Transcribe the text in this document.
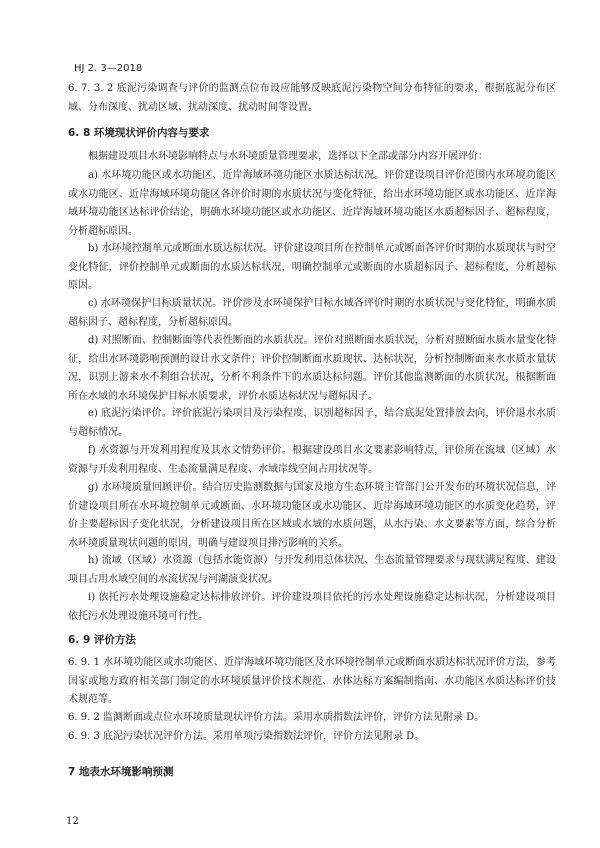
HJ 2. 3—2018
6. 7. 3. 2 底泥污染调查与评价的监测点位布设应能够反映底泥污染物空间分布特征的要求，根据底泥分布区域、分布深度、扰动区域、扰动深度、扰动时间等设置。
6. 8 环境现状评价内容与要求
根据建设项目水环境影响特点与水环境质量管理要求，选择以下全部或部分内容开展评价：
a) 水环境功能区或水功能区、近岸海域环境功能区水质达标状况。评价建设项目评价范围内水环境功能区或水功能区、近岸海域环境功能区各评价时期的水质状况与变化特征，给出水环境功能区或水功能区、近岸海域环境功能区达标评价结论，明确水环境功能区或水功能区、近岸海域环境功能区水质超标因子、超标程度，分析超标原因。
b) 水环境控制单元或断面水质达标状况。评价建设项目所在控制单元或断面各评价时期的水质现状与时空变化特征，评价控制单元或断面的水质达标状况，明确控制单元或断面的水质超标因子、超标程度，分析超标原因。
c) 水环境保护目标质量状况。评价涉及水环境保护目标水域各评价时期的水质状况与变化特征，明确水质超标因子、超标程度，分析超标原因。
d) 对照断面、控制断面等代表性断面的水质状况。评价对照断面水质状况，分析对照断面水质水量变化特征，给出水环境影响预测的设计水文条件；评价控制断面水质现状、达标状况，分析控制断面来水水质水量状况，识别上游来水不利组合状况，分析不利条件下的水质达标问题。评价其他监测断面的水质状况，根据断面所在水域的水环境保护目标水质要求，评价水质达标状况与超标因子。
e) 底泥污染评价。评价底泥污染项目及污染程度，识别超标因子，结合底泥处置排放去向，评价退水水质与超标情况。
f) 水资源与开发利用程度及其水文情势评价。根据建设项目水文要素影响特点，评价所在流域（区域）水资源与开发利用程度、生态流量满足程度、水域岸线空间占用状况等。
g) 水环境质量回顾评价。结合历史监测数据与国家及地方生态环境主管部门公开发布的环境状况信息，评价建设项目所在水环境控制单元或断面、水环境功能区或水功能区、近岸海域环境功能区的水质变化趋势，评价主要超标因子变化状况，分析建设项目所在区域或水域的水质问题，从水污染、水文要素等方面，综合分析水环境质量现状问题的原因，明确与建设项目排污影响的关系。
h) 流域（区域）水资源（包括水能资源）与开发利用总体状况、生态流量管理要求与现状满足程度、建设项目占用水域空间的水流状况与河湖演变状况。
i) 依托污水处理设施稳定达标排放评价。评价建设项目依托的污水处理设施稳定达标状况，分析建设项目依托污水处理设施环境可行性。
6. 9 评价方法
6. 9. 1 水环境功能区或水功能区、近岸海域环境功能区及水环境控制单元或断面水质达标状况评价方法，参考国家或地方政府相关部门制定的水环境质量评价技术规范、水体达标方案编制指南、水功能区水质达标评价技术规范等。
6. 9. 2 监测断面或点位水环境质量现状评价方法。采用水质指数法评价，评价方法见附录 D。
6. 9. 3 底泥污染状况评价方法。采用单项污染指数法评价，评价方法见附录 D。
7 地表水环境影响预测
12
